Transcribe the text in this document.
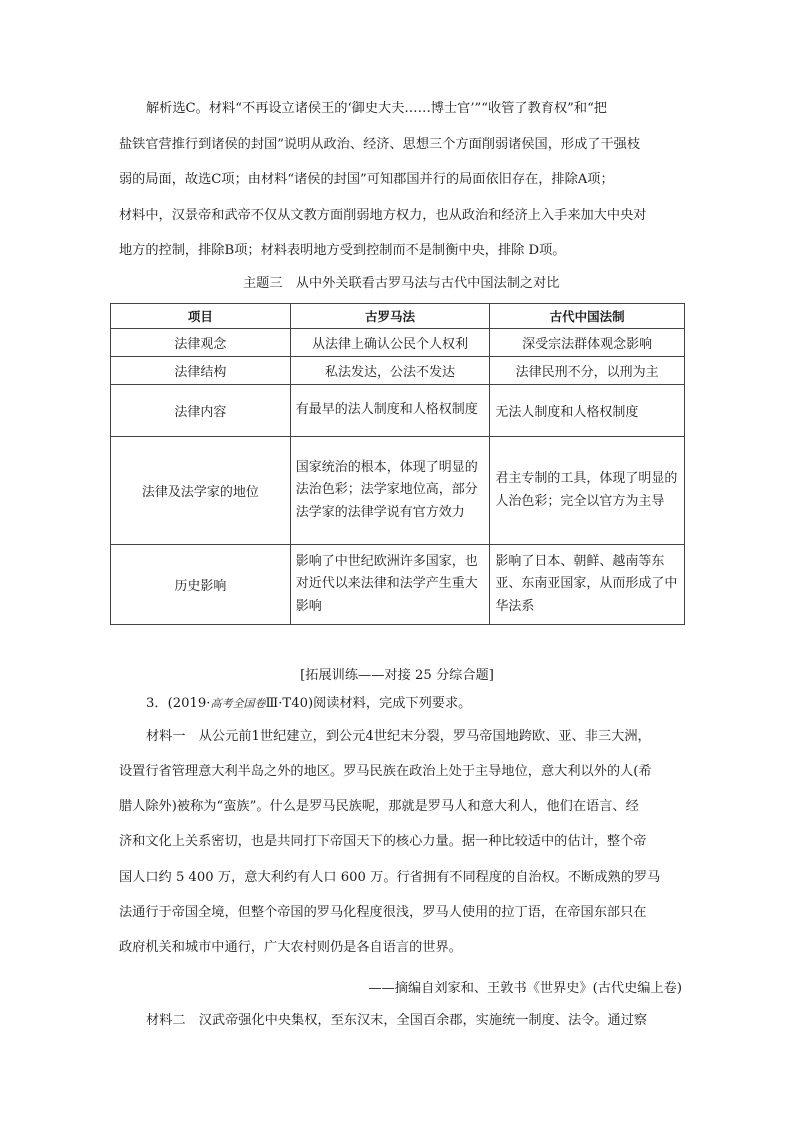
解析选C。材料“不再设立诸侯王的‘御史大夫……博士官’”“收管了教育权”和“把
盐铁官营推行到诸侯的封国”说明从政治、经济、思想三个方面削弱诸侯国，形成了干强枝
弱的局面，故选C项；由材料“诸侯的封国”可知郡国并行的局面依旧存在，排除A项；
材料中，汉景帝和武帝不仅从文教方面削弱地方权力，也从政治和经济上入手来加大中央对
地方的控制，排除B项；材料表明地方受到控制而不是制衡中央，排除 D项。
主题三　从中外关联看古罗马法与古代中国法制之对比
项目	古罗马法	古代中国法制
法律观念	从法律上确认公民个人权利	深受宗法群体观念影响
法律结构	私法发达，公法不发达	法律民刑不分，以刑为主
法律内容	有最早的法人制度和人格权制度	无法人制度和人格权制度
法律及法学家的地位	国家统治的根本，体现了明显的法治色彩；法学家地位高，部分法学家的法律学说有官方效力	君主专制的工具，体现了明显的人治色彩；完全以官方为主导
历史影响	影响了中世纪欧洲许多国家，也对近代以来法律和法学产生重大影响	影响了日本、朝鲜、越南等东亚、东南亚国家，从而形成了中华法系
[拓展训练——对接 25 分综合题]
3．(2019·高考全国卷Ⅲ·T40)阅读材料，完成下列要求。
材料一　从公元前1世纪建立，到公元4世纪末分裂，罗马帝国地跨欧、亚、非三大洲，
设置行省管理意大利半岛之外的地区。罗马民族在政治上处于主导地位，意大利以外的人(希
腊人除外)被称为“蛮族”。什么是罗马民族呢，那就是罗马人和意大利人，他们在语言、经
济和文化上关系密切，也是共同打下帝国天下的核心力量。据一种比较适中的估计，整个帝
国人口约 5 400 万，意大利约有人口 600 万。行省拥有不同程度的自治权。不断成熟的罗马
法通行于帝国全境，但整个帝国的罗马化程度很浅，罗马人使用的拉丁语，在帝国东部只在
政府机关和城市中通行，广大农村则仍是各自语言的世界。
——摘编自刘家和、王敦书《世界史》(古代史编上卷)
材料二　汉武帝强化中央集权，至东汉末，全国百余郡，实施统一制度、法令。通过察
